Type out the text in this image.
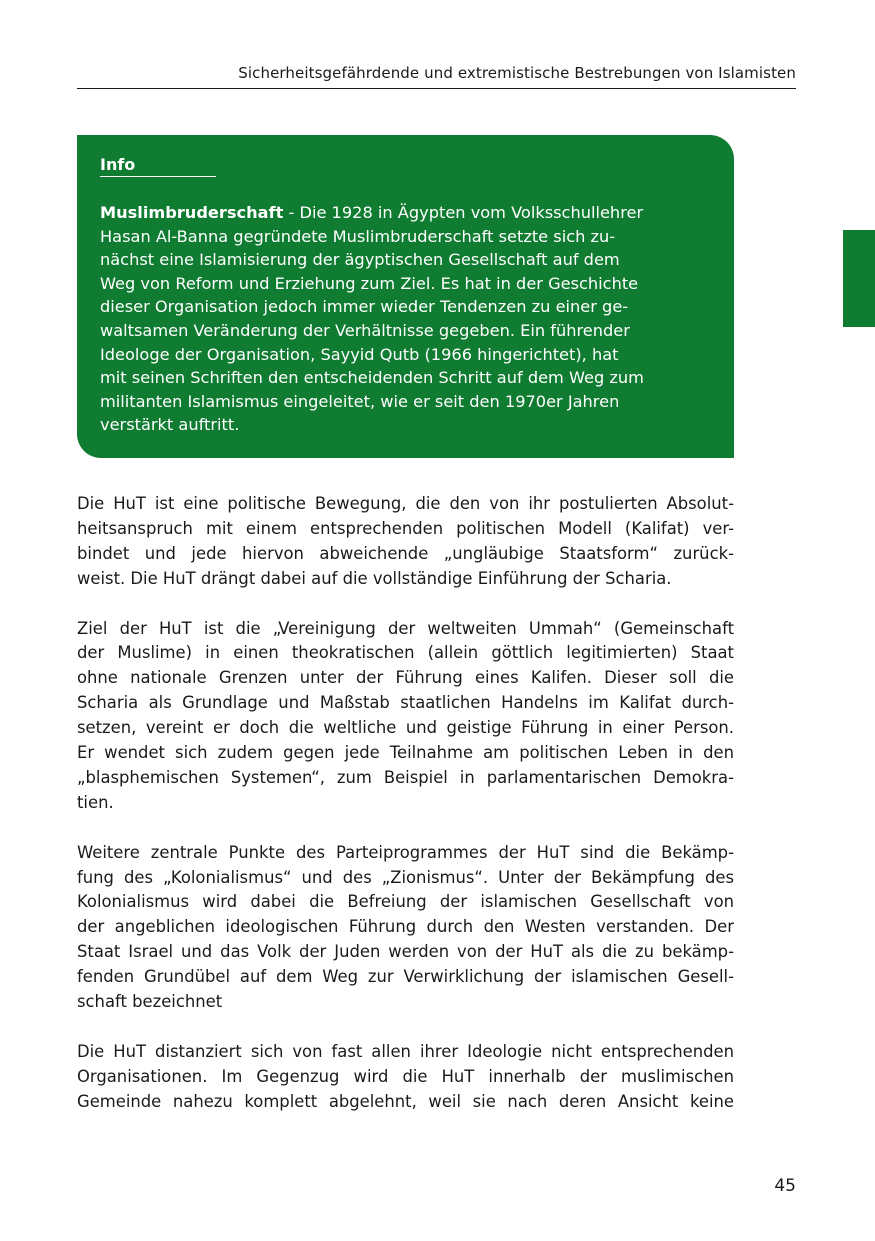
Sicherheitsgefährdende und extremistische Bestrebungen von Islamisten
Info
Muslimbruderschaft - Die 1928 in Ägypten vom Volksschullehrer
Hasan Al-Banna gegründete Muslimbruderschaft setzte sich zu-
nächst eine Islamisierung der ägyptischen Gesellschaft auf dem
Weg von Reform und Erziehung zum Ziel. Es hat in der Geschichte
dieser Organisation jedoch immer wieder Tendenzen zu einer ge-
waltsamen Veränderung der Verhältnisse gegeben. Ein führender
Ideologe der Organisation, Sayyid Qutb (1966 hingerichtet), hat
mit seinen Schriften den entscheidenden Schritt auf dem Weg zum
militanten Islamismus eingeleitet, wie er seit den 1970er Jahren
verstärkt auftritt.

Die HuT ist eine politische Bewegung, die den von ihr postulierten Absolut-
heitsanspruch mit einem entsprechenden politischen Modell (Kalifat) ver-
bindet und jede hiervon abweichende „ungläubige Staatsform“ zurück-
weist. Die HuT drängt dabei auf die vollständige Einführung der Scharia.

Ziel der HuT ist die „Vereinigung der weltweiten Ummah“ (Gemeinschaft
der Muslime) in einen theokratischen (allein göttlich legitimierten) Staat
ohne nationale Grenzen unter der Führung eines Kalifen. Dieser soll die
Scharia als Grundlage und Maßstab staatlichen Handelns im Kalifat durch-
setzen, vereint er doch die weltliche und geistige Führung in einer Person.
Er wendet sich zudem gegen jede Teilnahme am politischen Leben in den
„blasphemischen Systemen“, zum Beispiel in parlamentarischen Demokra-
tien.

Weitere zentrale Punkte des Parteiprogrammes der HuT sind die Bekämp-
fung des „Kolonialismus“ und des „Zionismus“. Unter der Bekämpfung des
Kolonialismus wird dabei die Befreiung der islamischen Gesellschaft von
der angeblichen ideologischen Führung durch den Westen verstanden. Der
Staat Israel und das Volk der Juden werden von der HuT als die zu bekämp-
fenden Grundübel auf dem Weg zur Verwirklichung der islamischen Gesell-
schaft bezeichnet

Die HuT distanziert sich von fast allen ihrer Ideologie nicht entsprechenden
Organisationen. Im Gegenzug wird die HuT innerhalb der muslimischen
Gemeinde nahezu komplett abgelehnt, weil sie nach deren Ansicht keine

45
